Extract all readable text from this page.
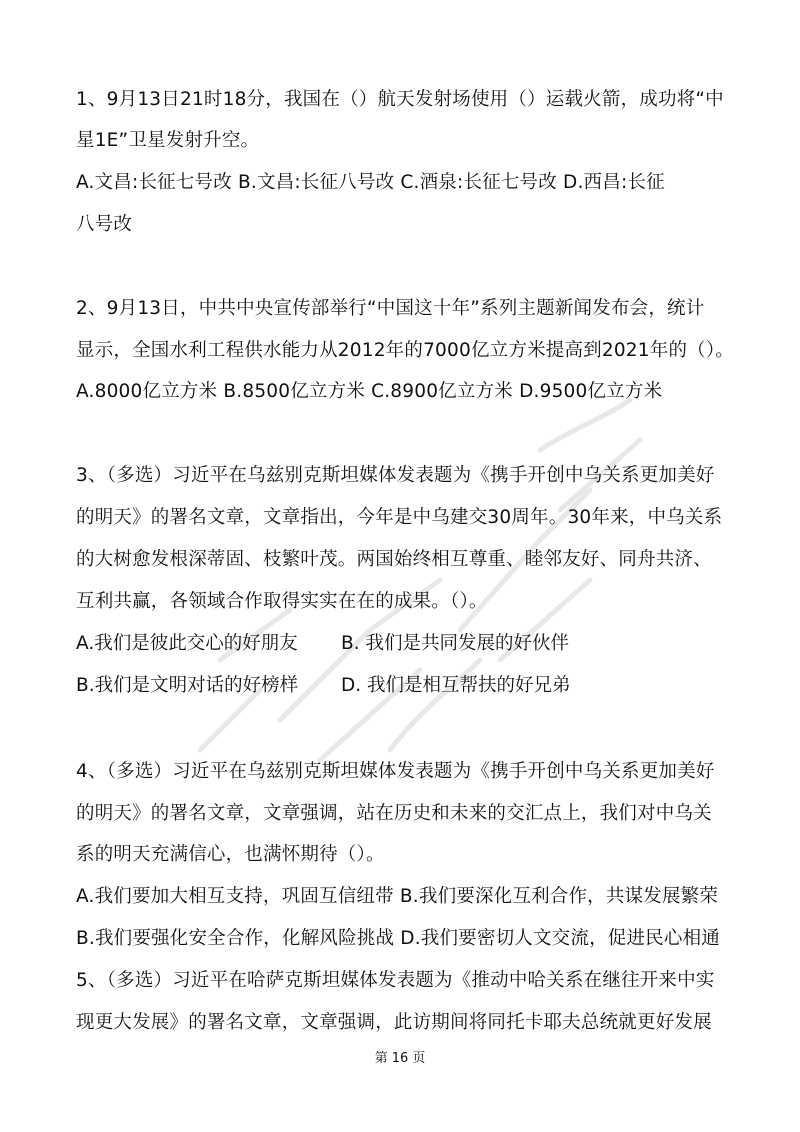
1、9月13日21时18分，我国在（）航天发射场使用（）运载火箭，成功将“中
星1E”卫星发射升空。
A.文昌:长征七号改 B.文昌:长征八号改 C.酒泉:长征七号改 D.西昌:长征
八号改
2、9月13日，中共中央宣传部举行“中国这十年”系列主题新闻发布会，统计
显示，全国水利工程供水能力从2012年的7000亿立方米提高到2021年的（）。
A.8000亿立方米 B.8500亿立方米 C.8900亿立方米 D.9500亿立方米
3、（多选）习近平在乌兹别克斯坦媒体发表题为《携手开创中乌关系更加美好
的明天》的署名文章，文章指出，今年是中乌建交30周年。30年来，中乌关系
的大树愈发根深蒂固、枝繁叶茂。两国始终相互尊重、睦邻友好、同舟共济、
互利共赢，各领域合作取得实实在在的成果。（）。
A.我们是彼此交心的好朋友 B. 我们是共同发展的好伙伴
B.我们是文明对话的好榜样 D. 我们是相互帮扶的好兄弟
4、（多选）习近平在乌兹别克斯坦媒体发表题为《携手开创中乌关系更加美好
的明天》的署名文章，文章强调，站在历史和未来的交汇点上，我们对中乌关
系的明天充满信心，也满怀期待（）。
A.我们要加大相互支持，巩固互信纽带 B.我们要深化互利合作，共谋发展繁荣
B.我们要强化安全合作，化解风险挑战 D.我们要密切人文交流，促进民心相通
5、（多选）习近平在哈萨克斯坦媒体发表题为《推动中哈关系在继往开来中实
现更大发展》的署名文章，文章强调，此访期间将同托卡耶夫总统就更好发展
第 16 页
